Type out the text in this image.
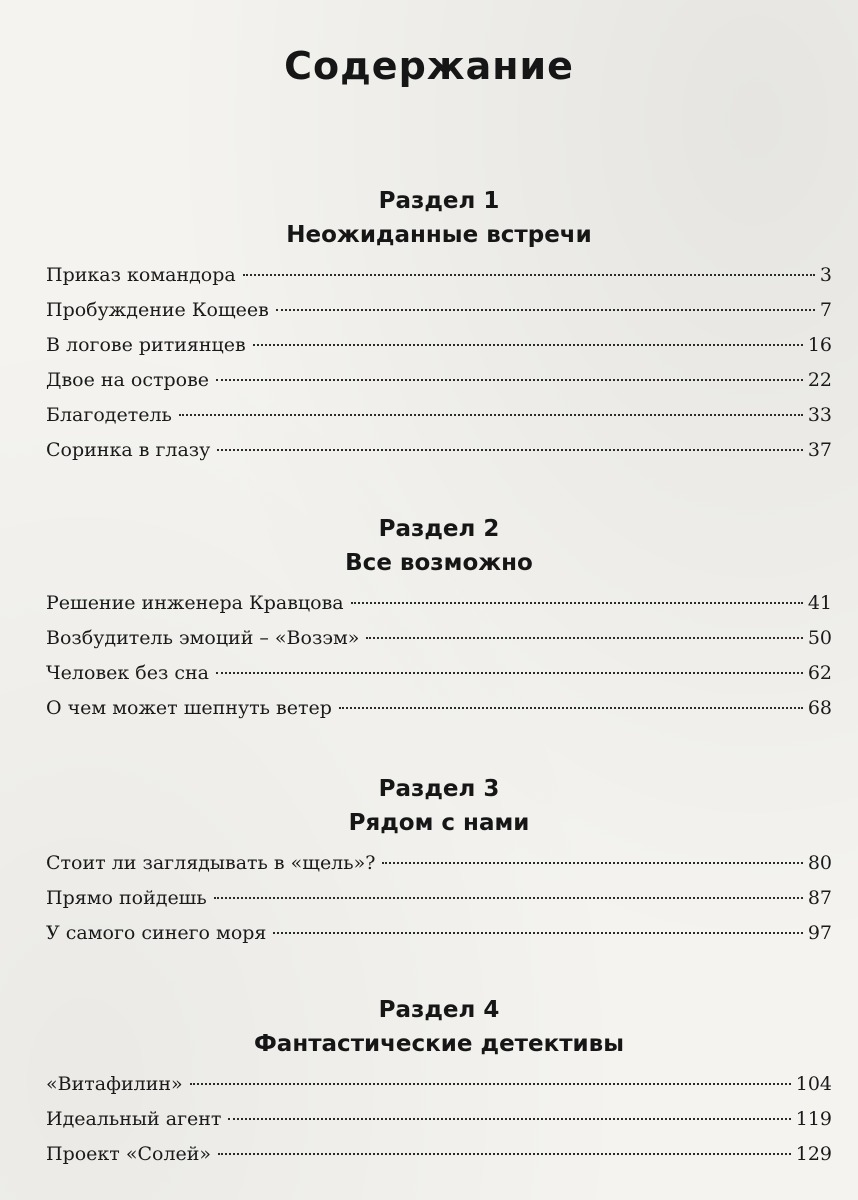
Содержание
Раздел 1
Неожиданные встречи
Приказ командора	3
Пробуждение Кощеев	7
В логове ритиянцев	16
Двое на острове	22
Благодетель	33
Соринка в глазу	37
Раздел 2
Все возможно
Решение инженера Кравцова	41
Возбудитель эмоций – «Возэм»	50
Человек без сна	62
О чем может шепнуть ветер	68
Раздел 3
Рядом с нами
Стоит ли заглядывать в «щель»?	80
Прямо пойдешь	87
У самого синего моря	97
Раздел 4
Фантастические детективы
«Витафилин»	104
Идеальный агент	119
Проект «Солей»	129
